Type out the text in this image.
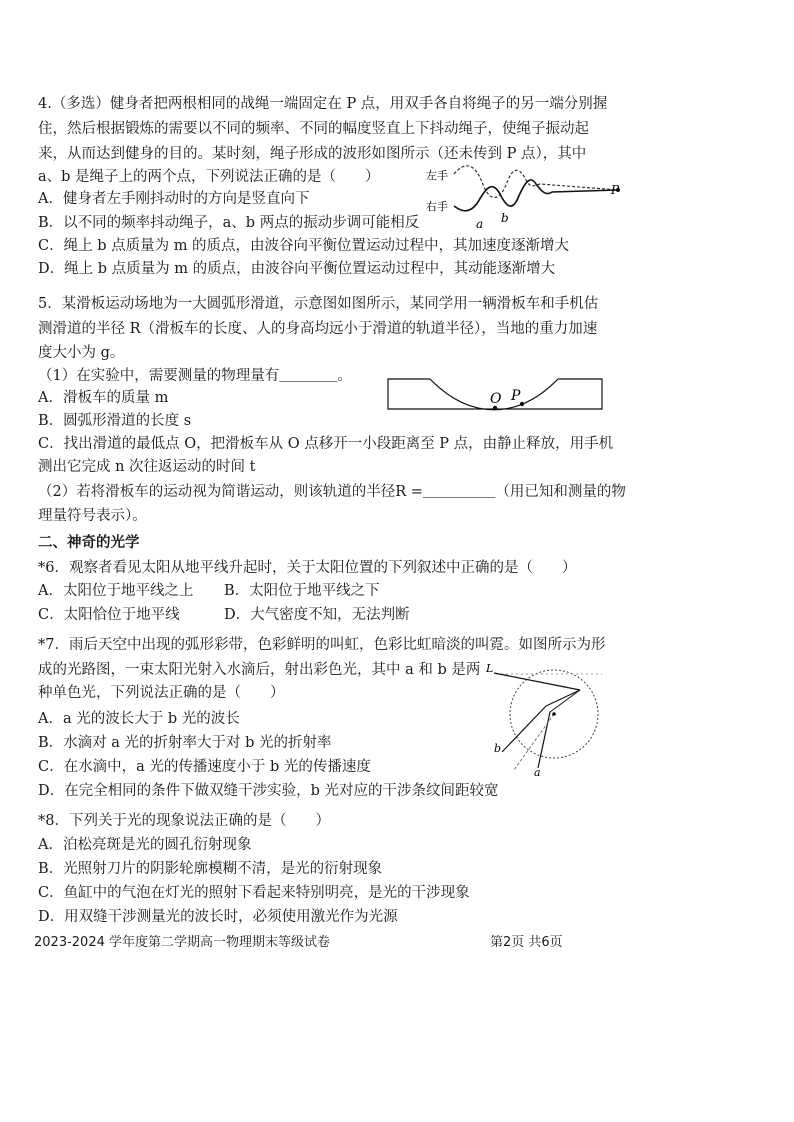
4.（多选）健身者把两根相同的战绳一端固定在 P 点，用双手各自将绳子的另一端分别握
住，然后根据锻炼的需要以不同的频率、不同的幅度竖直上下抖动绳子，使绳子振动起
来，从而达到健身的目的。某时刻，绳子形成的波形如图所示（还未传到 P 点），其中
a、b 是绳子上的两个点，下列说法正确的是（　　）
A．健身者左手刚抖动时的方向是竖直向下
B．以不同的频率抖动绳子，a、b 两点的振动步调可能相反
C．绳上 b 点质量为 m 的质点，由波谷向平衡位置运动过程中，其加速度逐渐增大
D．绳上 b 点质量为 m 的质点，由波谷向平衡位置运动过程中，其动能逐渐增大
左手
右手
P
a b
5．某滑板运动场地为一大圆弧形滑道，示意图如图所示，某同学用一辆滑板车和手机估
测滑道的半径 R（滑板车的长度、人的身高均远小于滑道的轨道半径），当地的重力加速
度大小为 g。
（1）在实验中，需要测量的物理量有＿＿＿＿。
A．滑板车的质量 m
B．圆弧形滑道的长度 s
C．找出滑道的最低点 O，把滑板车从 O 点移开一小段距离至 P 点，由静止释放，用手机
测出它完成 n 次往返运动的时间 t
（2）若将滑板车的运动视为简谐运动，则该轨道的半径R =＿＿＿＿＿（用已知和测量的物
理量符号表示）。
O P
二、神奇的光学
*6．观察者看见太阳从地平线升起时，关于太阳位置的下列叙述中正确的是（　　）
A．太阳位于地平线之上 B．太阳位于地平线之下
C．太阳恰位于地平线	D．大气密度不知，无法判断
*7．雨后天空中出现的弧形彩带，色彩鲜明的叫虹，色彩比虹暗淡的叫霓。如图所示为形
成的光路图，一束太阳光射入水滴后，射出彩色光，其中 a 和 b 是两
种单色光，下列说法正确的是（　　）
A．a 光的波长大于 b 光的波长
B．水滴对 a 光的折射率大于对 b 光的折射率
C．在水滴中，a 光的传播速度小于 b 光的传播速度
D．在完全相同的条件下做双缝干涉实验，b 光对应的干涉条纹间距较宽
L
b
a
*8．下列关于光的现象说法正确的是（　　）
A．泊松亮斑是光的圆孔衍射现象
B．光照射刀片的阴影轮廓模糊不清，是光的衍射现象
C．鱼缸中的气泡在灯光的照射下看起来特别明亮，是光的干涉现象
D．用双缝干涉测量光的波长时，必须使用激光作为光源
2023-2024 学年度第二学期高一物理期末等级试卷	第2页 共6页
